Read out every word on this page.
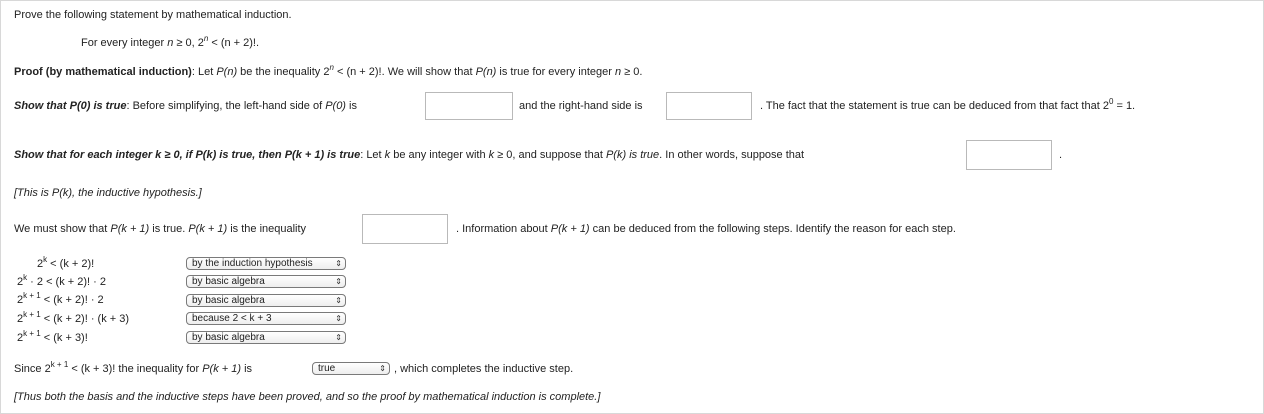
Prove the following statement by mathematical induction.
For every integer n ≥ 0, $2^n < (n + 2)$!.
Proof (by mathematical induction): Let P(n) be the inequality $2^n < (n + 2)$!. We will show that P(n) is true for every integer n ≥ 0.
Show that P(0) is true: Before simplifying, the left-hand side of P(0) is	and the right-hand side is	. The fact that the statement is true can be deduced from that fact that $2^0 = 1$.
Show that for each integer k ≥ 0, if P(k) is true, then P(k + 1) is true: Let k be any integer with k ≥ 0, and suppose that P(k) is true. In other words, suppose that	.
[This is P(k), the inductive hypothesis.]
We must show that P(k + 1) is true. P(k + 1) is the inequality	. Information about P(k + 1) can be deduced from the following steps. Identify the reason for each step.
$2^k < (k + 2)$!	by the induction hypothesis	⇕
$2^k \cdot 2 < (k + 2)$! · 2	by basic algebra	⇕
$2^{k + 1} < (k + 2)$! · 2	by basic algebra	⇕
$2^{k + 1} < (k + 2)$! · (k + 3)	because 2 < k + 3	⇕
$2^{k + 1} < (k + 3)$!	by basic algebra	⇕
Since $2^{k + 1} < (k + 3)$! the inequality for P(k + 1) is	true	⇕ , which completes the inductive step.
[Thus both the basis and the inductive steps have been proved, and so the proof by mathematical induction is complete.]
